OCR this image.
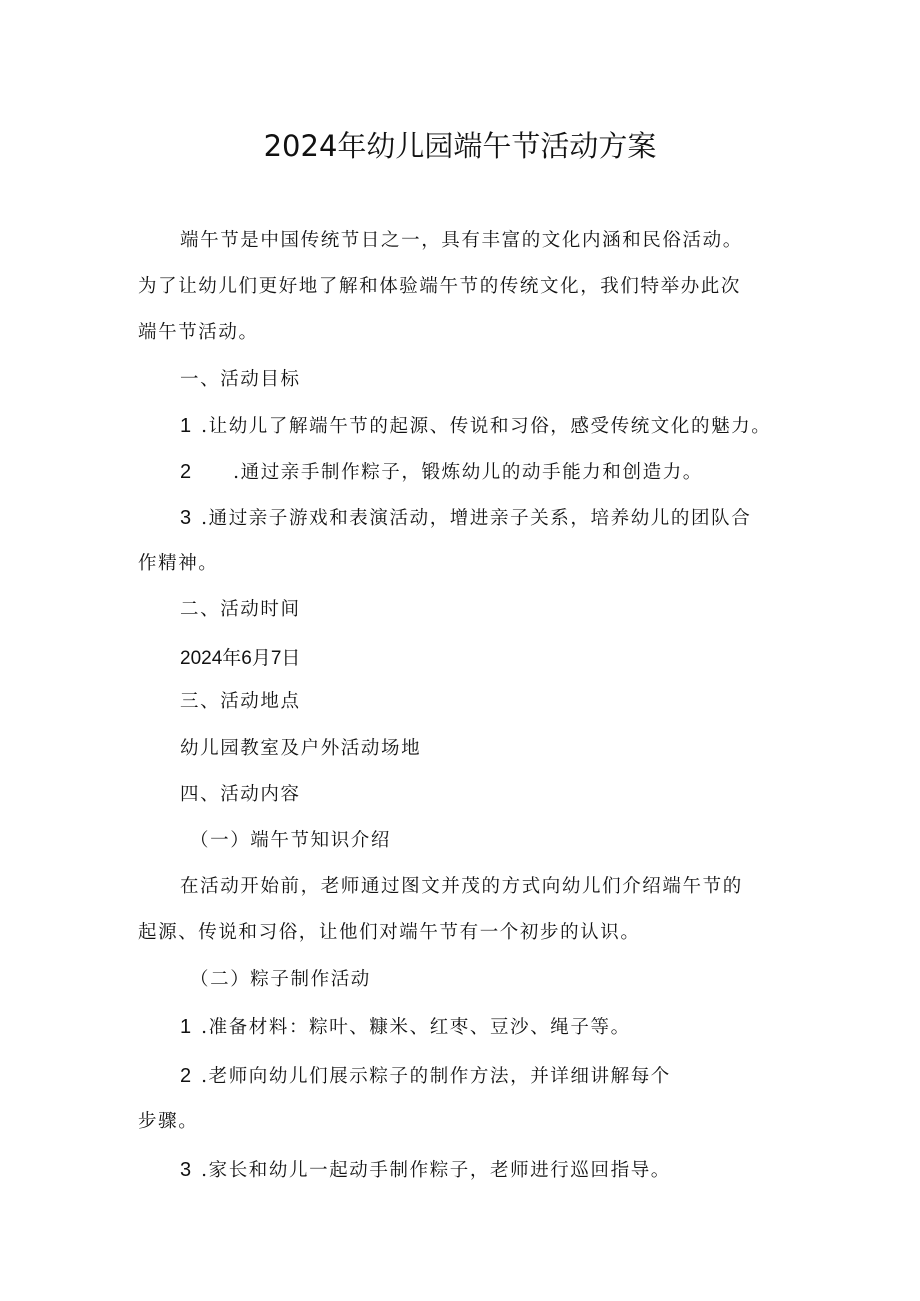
2024年幼儿园端午节活动方案
端午节是中国传统节日之一，具有丰富的文化内涵和民俗活动。
为了让幼儿们更好地了解和体验端午节的传统文化，我们特举办此次
端午节活动。
一、活动目标
1 .让幼儿了解端午节的起源、传说和习俗，感受传统文化的魅力。
2 .通过亲手制作粽子，锻炼幼儿的动手能力和创造力。
3 .通过亲子游戏和表演活动，增进亲子关系，培养幼儿的团队合
作精神。
二、活动时间
2024年6月7日
三、活动地点
幼儿园教室及户外活动场地
四、活动内容
（一）端午节知识介绍
在活动开始前，老师通过图文并茂的方式向幼儿们介绍端午节的
起源、传说和习俗，让他们对端午节有一个初步的认识。
（二）粽子制作活动
1 .准备材料：粽叶、糠米、红枣、豆沙、绳子等。
2 .老师向幼儿们展示粽子的制作方法，并详细讲解每个
步骤。
3 .家长和幼儿一起动手制作粽子，老师进行巡回指导。
